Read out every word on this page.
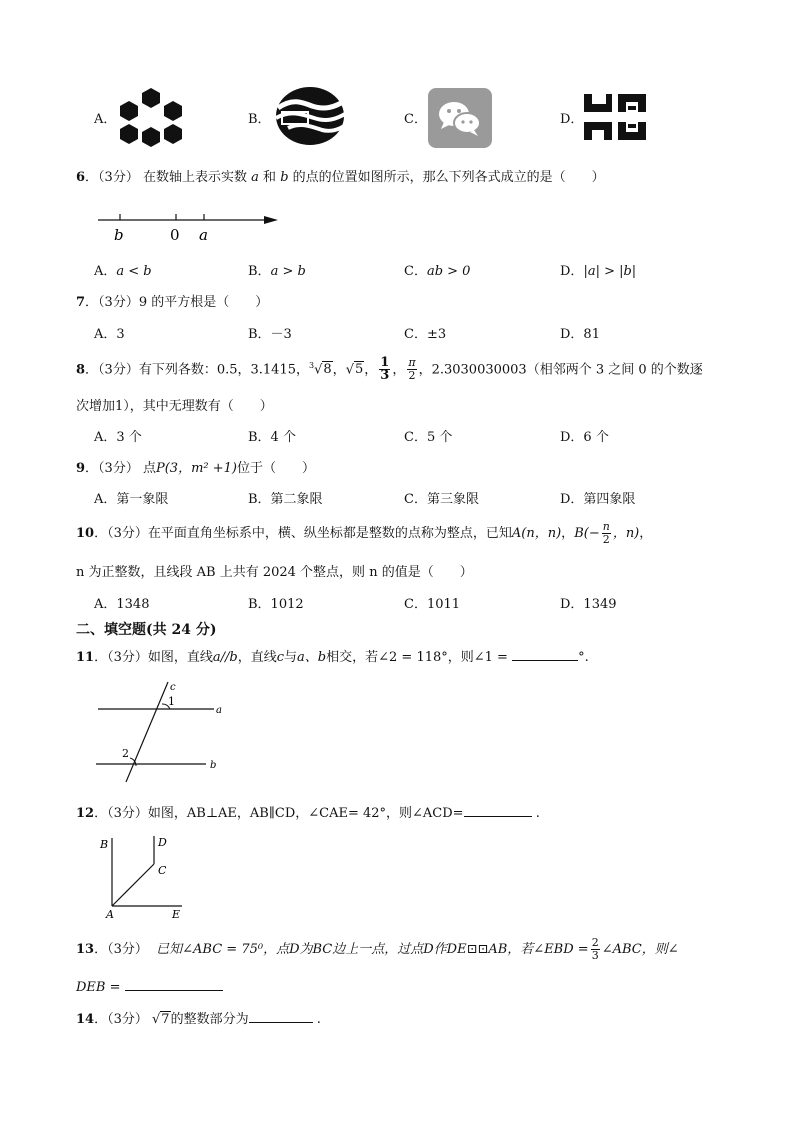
A．	B．	C．	D．
6．（3分） 在数轴上表示实数 a 和 b 的点的位置如图所示，那么下列各式成立的是（　　）
b	0 a
A．a < b	B．a > b	C．ab > 0	D．|a| > |b|
7．（3分）9 的平方根是（　　）
A．3	B．－3	C．±3	D．81
8．（3分）有下列各数：0.5，3.1415，$^3$√8，√5， $\frac{1}{3}$ ， $\frac{\pi}{2}$ ，2.3030030003（相邻两个 3 之间 0 的个数逐
次增加1），其中无理数有（　　）
A．3 个	B．4 个	C．5 个	D．6 个
9．（3分） 点P(3，m² +1)位于（　　）
A．第一象限	B．第二象限	C．第三象限	D．第四象限
10．（3分）在平面直角坐标系中，横、纵坐标都是整数的点称为整点，已知A(n，n)，$B(- \frac{n}{2}$ ，n)，
n 为正整数，且线段 AB 上共有 2024 个整点，则 n 的值是（　　）
A．1348	B．1012	C．1011	D．1349
二、填空题(共 24 分)
11．（3分）如图，直线a//b，直线c与a、b相交，若∠2 = 118°，则∠1 =	°.
c
1
a
2
b
12．（3分）如图，AB⊥AE，AB∥CD，∠CAE= 42°，则∠ACD=	.
B	D
C
A	E
13．（3分） 已知∠ABC = 75⁰，点D为BC边上一点，过点D作DE⊡⊡AB，若∠EBD = $\frac{2}{3}$ ∠ABC，则∠
DEB =
14．（3分） √7的整数部分为	.
